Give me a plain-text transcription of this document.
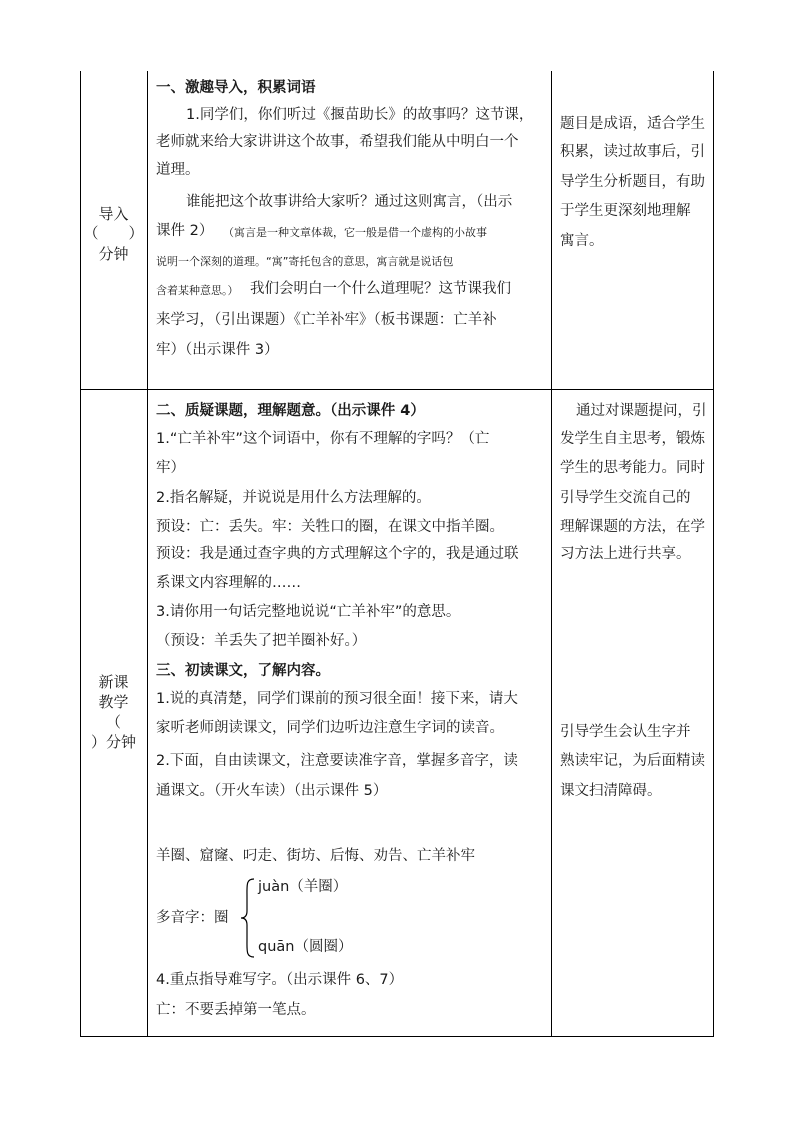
导入
（　　）
分钟
一、激趣导入，积累词语
1.同学们，你们听过《揠苗助长》的故事吗？这节课，
老师就来给大家讲讲这个故事，希望我们能从中明白一个
道理。
谁能把这个故事讲给大家听？通过这则寓言，（出示
课件 2） （寓言是一种文章体裁，它一般是借一个虚构的小故事
说明一个深刻的道理。“寓”寄托包含的意思，寓言就是说话包
含着某种意思。） 我们会明白一个什么道理呢？这节课我们
来学习，（引出课题）《亡羊补牢》（板书课题：亡羊补
牢）（出示课件 3）
题目是成语，适合学生
积累，读过故事后，引
导学生分析题目，有助
于学生更深刻地理解
寓言。
新课
教学
（
）分钟
二、质疑课题，理解题意。（出示课件 4）
1.“亡羊补牢”这个词语中，你有不理解的字吗？（亡
牢）
2.指名解疑，并说说是用什么方法理解的。
预设：亡：丢失。牢：关牲口的圈，在课文中指羊圈。
预设：我是通过查字典的方式理解这个字的，我是通过联
系课文内容理解的……
3.请你用一句话完整地说说“亡羊补牢”的意思。
（预设：羊丢失了把羊圈补好。）
三、初读课文，了解内容。
1.说的真清楚，同学们课前的预习很全面！接下来，请大
家听老师朗读课文，同学们边听边注意生字词的读音。
2.下面，自由读课文，注意要读准字音，掌握多音字，读
通课文。（开火车读）（出示课件 5）
羊圈、窟窿、叼走、街坊、后悔、劝告、亡羊补牢
juàn（羊圈）
多音字：圈
quān（圆圈）
4.重点指导难写字。（出示课件 6、7）
亡：不要丢掉第一笔点。
通过对课题提问，引
发学生自主思考，锻炼
学生的思考能力。同时
引导学生交流自己的
理解课题的方法，在学
习方法上进行共享。
引导学生会认生字并
熟读牢记，为后面精读
课文扫清障碍。
